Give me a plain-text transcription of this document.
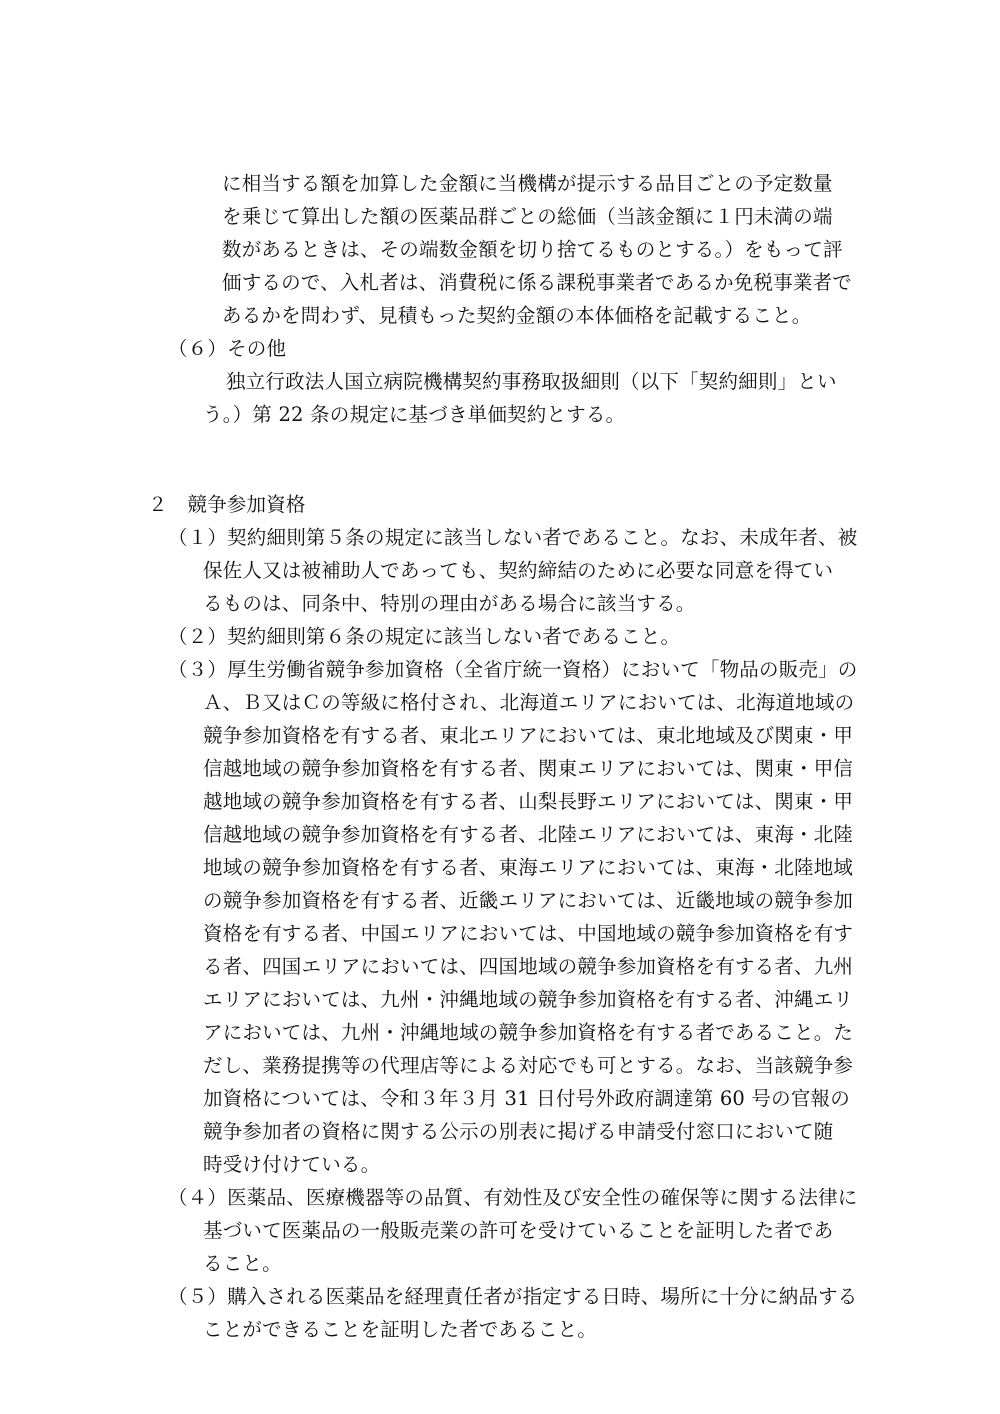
に相当する額を加算した金額に当機構が提示する品目ごとの予定数量
を乗じて算出した額の医薬品群ごとの総価（当該金額に１円未満の端
数があるときは、その端数金額を切り捨てるものとする。）をもって評
価するので、入札者は、消費税に係る課税事業者であるか免税事業者で
あるかを問わず、見積もった契約金額の本体価格を記載すること。
（６）その他
独立行政法人国立病院機構契約事務取扱細則（以下「契約細則」とい
う。）第 22 条の規定に基づき単価契約とする。
２　競争参加資格
（１）契約細則第５条の規定に該当しない者であること。なお、未成年者、被
保佐人又は被補助人であっても、契約締結のために必要な同意を得てい
るものは、同条中、特別の理由がある場合に該当する。
（２）契約細則第６条の規定に該当しない者であること。
（３）厚生労働省競争参加資格（全省庁統一資格）において「物品の販売」の
Ａ、Ｂ又はＣの等級に格付され、北海道エリアにおいては、北海道地域の
競争参加資格を有する者、東北エリアにおいては、東北地域及び関東・甲
信越地域の競争参加資格を有する者、関東エリアにおいては、関東・甲信
越地域の競争参加資格を有する者、山梨長野エリアにおいては、関東・甲
信越地域の競争参加資格を有する者、北陸エリアにおいては、東海・北陸
地域の競争参加資格を有する者、東海エリアにおいては、東海・北陸地域
の競争参加資格を有する者、近畿エリアにおいては、近畿地域の競争参加
資格を有する者、中国エリアにおいては、中国地域の競争参加資格を有す
る者、四国エリアにおいては、四国地域の競争参加資格を有する者、九州
エリアにおいては、九州・沖縄地域の競争参加資格を有する者、沖縄エリ
アにおいては、九州・沖縄地域の競争参加資格を有する者であること。た
だし、業務提携等の代理店等による対応でも可とする。なお、当該競争参
加資格については、令和３年３月 31 日付号外政府調達第 60 号の官報の
競争参加者の資格に関する公示の別表に掲げる申請受付窓口において随
時受け付けている。
（４）医薬品、医療機器等の品質、有効性及び安全性の確保等に関する法律に
基づいて医薬品の一般販売業の許可を受けていることを証明した者であ
ること。
（５）購入される医薬品を経理責任者が指定する日時、場所に十分に納品する
ことができることを証明した者であること。
